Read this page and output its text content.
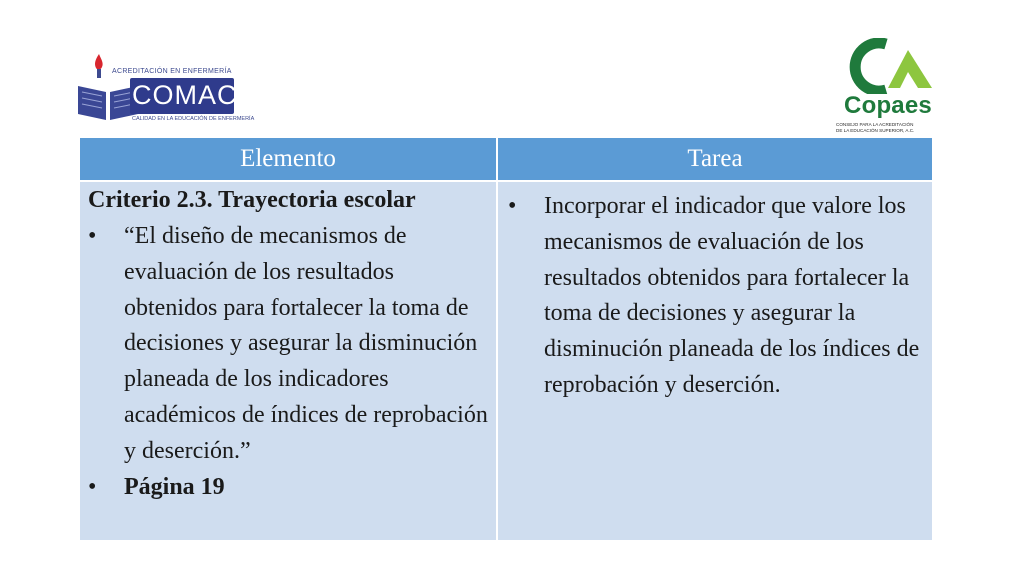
ACREDITACIÓN EN ENFERMERÍA
COMACE
CALIDAD EN LA EDUCACIÓN DE ENFERMERÍA	Copaes
CONSEJO PARA LA ACREDITACIÓN
DE LA EDUCACIÓN SUPERIOR, A.C.
Elemento	Tarea
Criterio 2.3. Trayectoria escolar
• “El diseño de mecanismos de evaluación de los resultados obtenidos para fortalecer la toma de decisiones y asegurar la disminución planeada de los indicadores académicos de índices de reprobación y deserción.”
• Página 19
• Incorporar el indicador que valore los mecanismos de evaluación de los resultados obtenidos para fortalecer la toma de decisiones y asegurar la disminución planeada de los índices de reprobación y deserción.
